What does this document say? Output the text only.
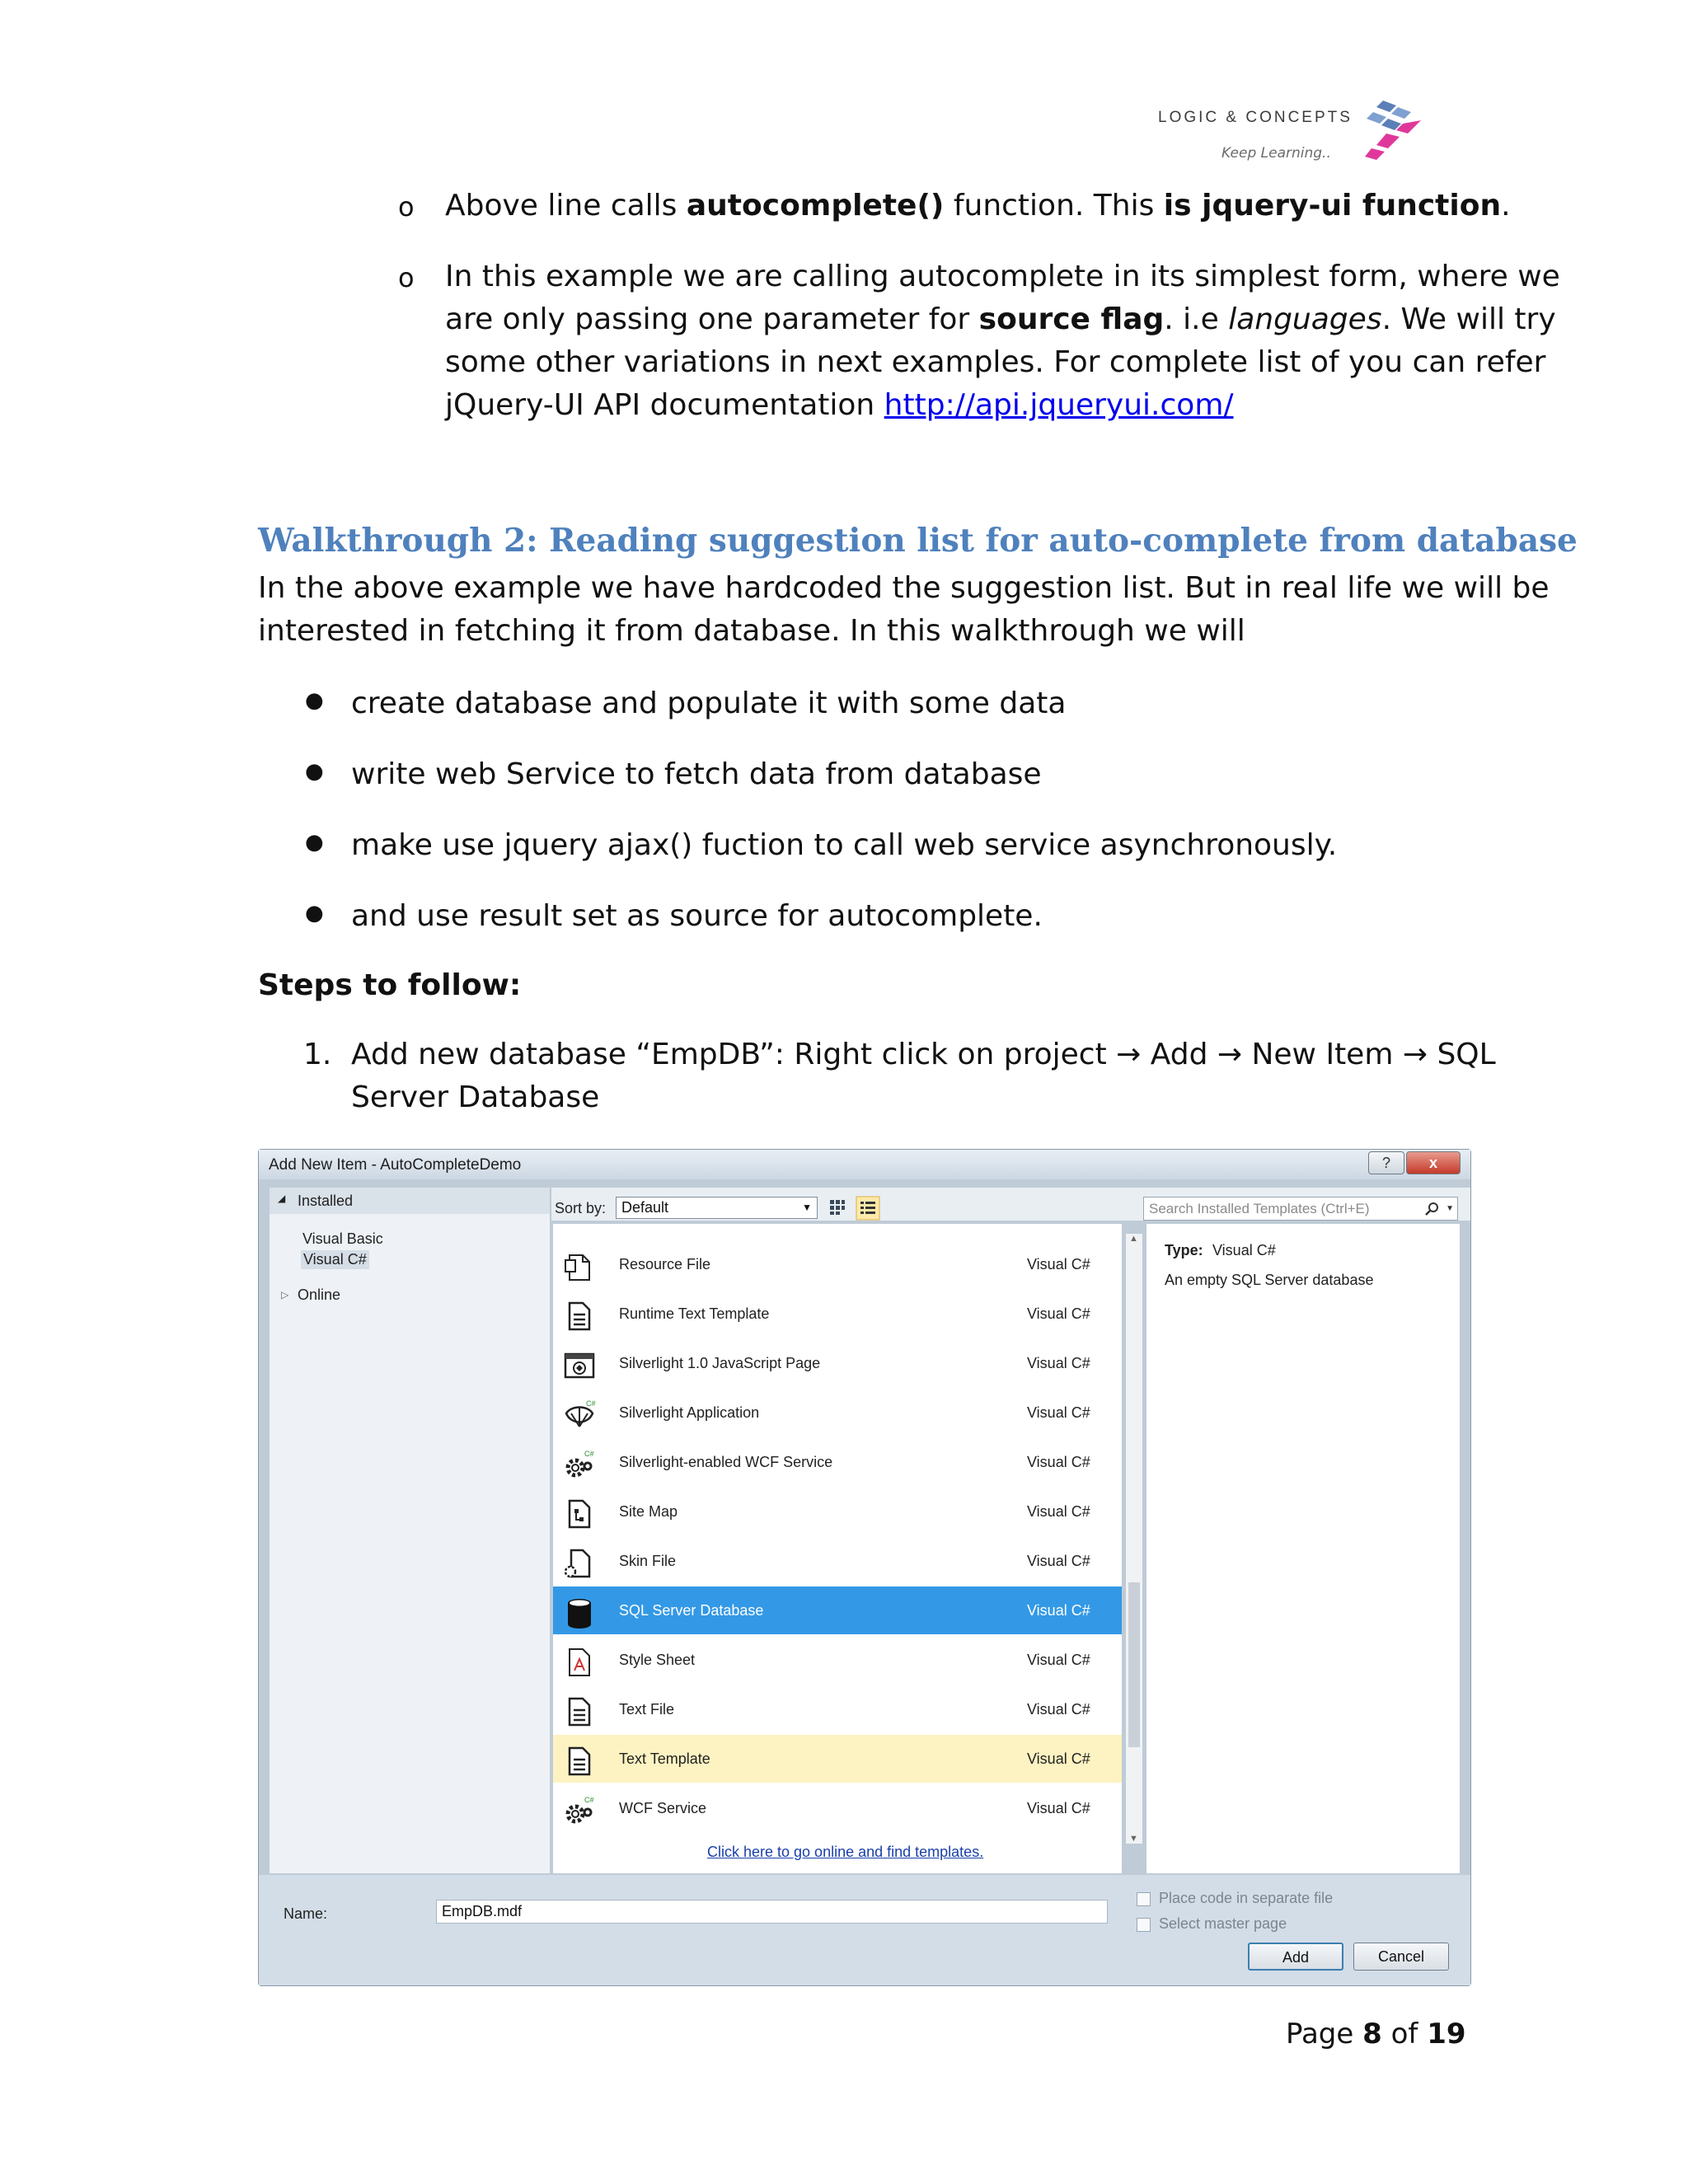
LOGIC & CONCEPTS
Keep Learning..
o Above line calls autocomplete() function. This is jquery-ui function.
o In this example we are calling autocomplete in its simplest form, where we
are only passing one parameter for source flag. i.e languages. We will try
some other variations in next examples. For complete list of you can refer
jQuery-UI API documentation http://api.jqueryui.com/
Walkthrough 2: Reading suggestion list for auto-complete from database
In the above example we have hardcoded the suggestion list. But in real life we will be
interested in fetching it from database. In this walkthrough we will
● create database and populate it with some data
● write web Service to fetch data from database
● make use jquery ajax() fuction to call web service asynchronously.
● and use result set as source for autocomplete.
Steps to follow:
1. Add new database “EmpDB”: Right click on project → Add → New Item → SQL
Server Database
Add New Item - AutoCompleteDemo	?	x
◢ Installed
Visual Basic
Visual C#
▷ Online
Sort by:	Default	▼	Search Installed Templates (Ctrl+E)	▼
Resource File	Visual C#
Runtime Text Template	Visual C#
Silverlight 1.0 JavaScript Page	Visual C#
C#
Silverlight Application	Visual C#
C# Silverlight-enabled WCF Service	Visual C#
Site Map	Visual C#
Skin File	Visual C#
SQL Server Database	Visual C#
Style Sheet	Visual C#
Text File	Visual C#
Text Template	Visual C#
C# WCF Service	Visual C#
▲
▼
Click here to go online and find templates.
Type: Visual C#
An empty SQL Server database
Name:	EmpDB.mdf
Place code in separate file
Select master page
Add	Cancel
Page 8 of 19
